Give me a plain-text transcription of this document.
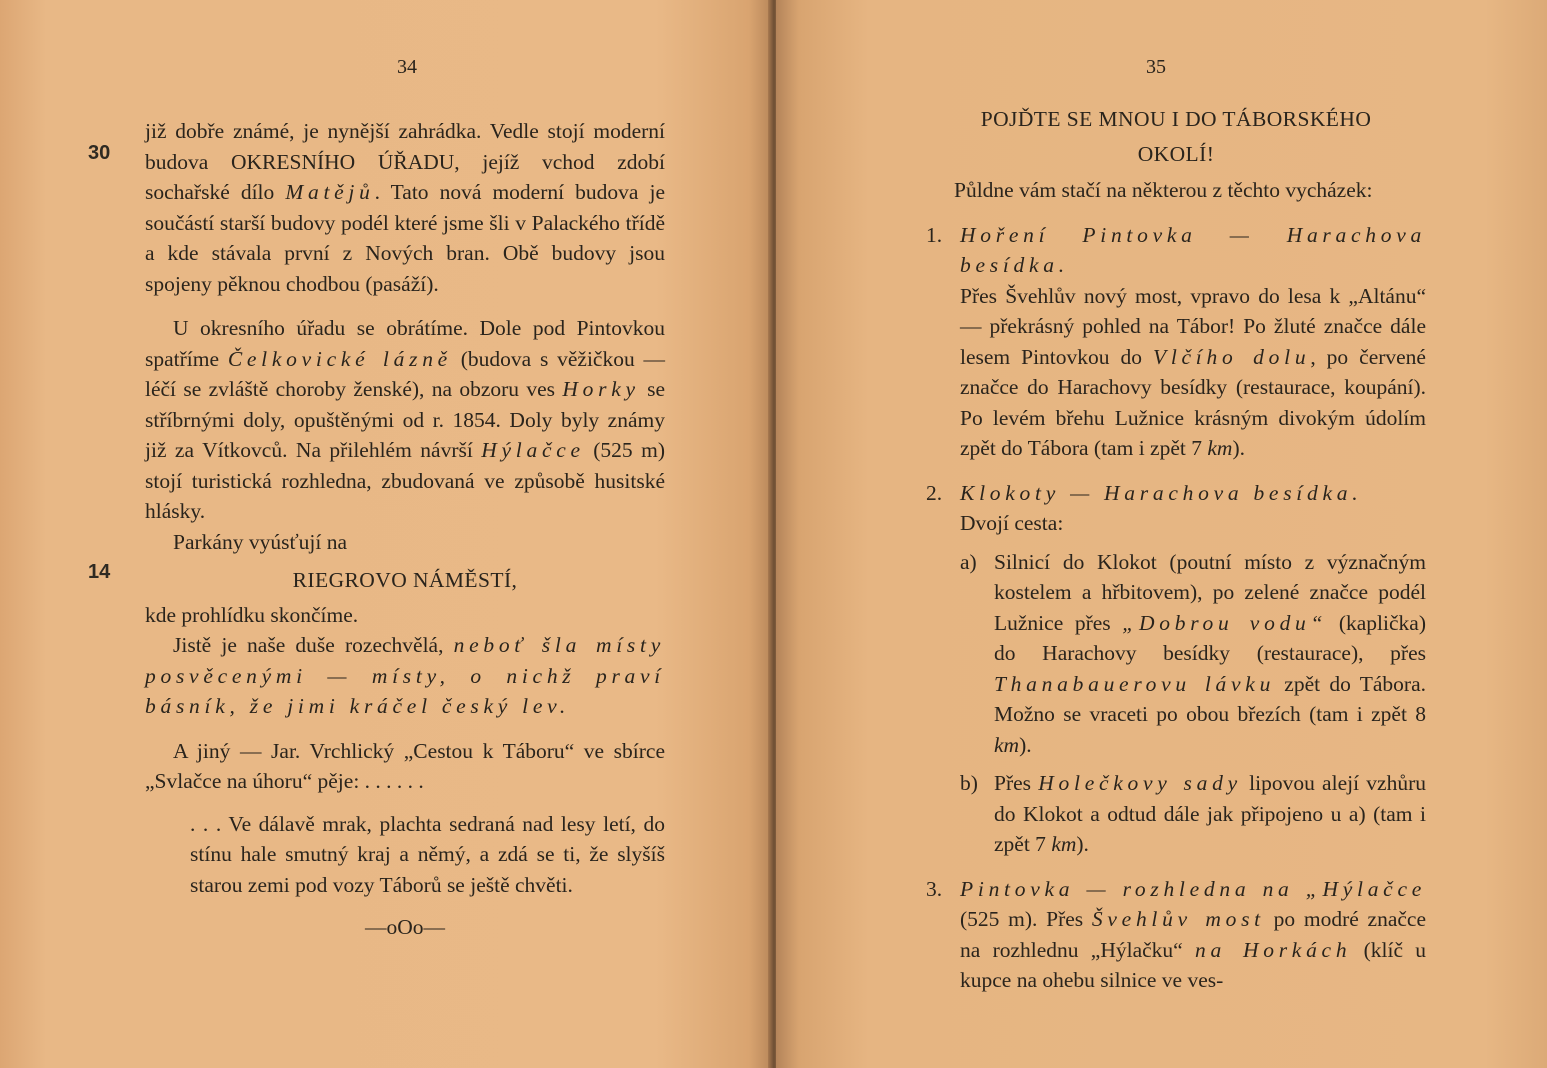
34
30
14

již dobře známé, je nynější zahrádka. Vedle stojí moderní budova OKRESNÍHO ÚŘADU, jejíž vchod zdobí sochařské dílo Matějů. Tato nová moderní budova je součástí starší budovy podél které jsme šli v Palackého třídě a kde stávala první z Nových bran. Obě budovy jsou spojeny pěknou chodbou (pasáží).

U okresního úřadu se obrátíme. Dole pod Pintovkou spatříme Čelkovické lázně (budova s věžičkou — léčí se zvláště choroby ženské), na obzoru ves Horky se stříbrnými doly, opuštěnými od r. 1854. Doly byly známy již za Vítkovců. Na přilehlém návrší Hýlačce (525 m) stojí turistická rozhledna, zbudovaná ve způsobě husitské hlásky.

Parkány vyúsťují na

RIEGROVO NÁMĚSTÍ,

kde prohlídku skončíme.

Jistě je naše duše rozechvělá, neboť šla místy posvěcenými — místy, o nichž praví básník, že jimi kráčel český lev.

A jiný — Jar. Vrchlický „Cestou k Táboru“ ve sbírce „Svlačce na úhoru“ pěje: . . . . . .

. . . Ve dálavě mrak, plachta sedraná nad lesy letí, do stínu hale smutný kraj a němý, a zdá se ti, že slyšíš starou zemi pod vozy Táborů se ještě chvěti.

—oOo—

35

POJĎTE SE MNOU I DO TÁBORSKÉHO

OKOLÍ!

Půldne vám stačí na některou z těchto vycházek:

1. Hoření Pintovka — Harachova besídka.
Přes Švehlův nový most, vpravo do lesa k „Altánu“ — překrásný pohled na Tábor! Po žluté značce dále lesem Pintovkou do Vlčího dolu, po červené značce do Harachovy besídky (restaurace, koupání). Po levém břehu Lužnice krásným divokým údolím zpět do Tábora (tam i zpět 7 km).
2. Klokoty — Harachova besídka.
Dvojí cesta:
a) Silnicí do Klokot (poutní místo z význačným kostelem a hřbitovem), po zelené značce podél Lužnice přes „Dobrou vodu“ (kaplička) do Harachovy besídky (restaurace), přes Thanabauerovu lávku zpět do Tábora. Možno se vraceti po obou březích (tam i zpět 8 km).
b) Přes Holečkovy sady lipovou alejí vzhůru do Klokot a odtud dále jak připojeno u a) (tam i zpět 7 km).
3. Pintovka — rozhledna na „Hýlačce (525 m). Přes Švehlův most po modré značce na rozhlednu „Hýlačku“ na Horkách (klíč u kupce na ohebu silnice ve ves-
